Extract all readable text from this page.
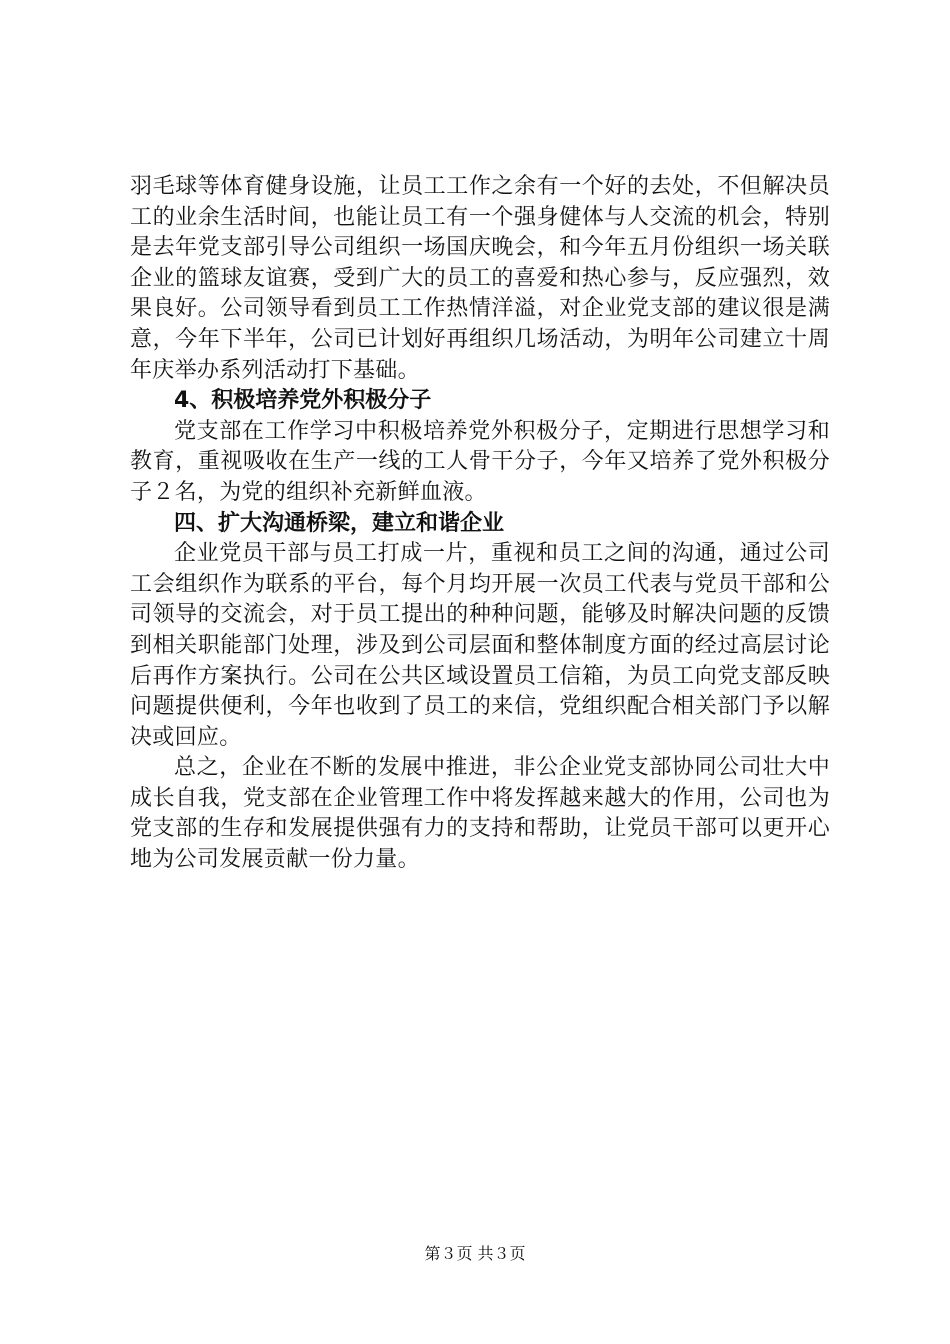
羽毛球等体育健身设施，让员工工作之余有一个好的去处，不但解决员工的业余生活时间，也能让员工有一个强身健体与人交流的机会，特别是去年党支部引导公司组织一场国庆晚会，和今年五月份组织一场关联企业的篮球友谊赛，受到广大的员工的喜爱和热心参与，反应强烈，效果良好。公司领导看到员工工作热情洋溢，对企业党支部的建议很是满意，今年下半年，公司已计划好再组织几场活动，为明年公司建立十周年庆举办系列活动打下基础。

4、积极培养党外积极分子

党支部在工作学习中积极培养党外积极分子，定期进行思想学习和教育，重视吸收在生产一线的工人骨干分子，今年又培养了党外积极分子２名，为党的组织补充新鲜血液。

四、扩大沟通桥梁，建立和谐企业

企业党员干部与员工打成一片，重视和员工之间的沟通，通过公司工会组织作为联系的平台，每个月均开展一次员工代表与党员干部和公司领导的交流会，对于员工提出的种种问题，能够及时解决问题的反馈到相关职能部门处理，涉及到公司层面和整体制度方面的经过高层讨论后再作方案执行。公司在公共区域设置员工信箱，为员工向党支部反映问题提供便利，今年也收到了员工的来信，党组织配合相关部门予以解决或回应。

总之，企业在不断的发展中推进，非公企业党支部协同公司壮大中成长自我，党支部在企业管理工作中将发挥越来越大的作用，公司也为党支部的生存和发展提供强有力的支持和帮助，让党员干部可以更开心地为公司发展贡献一份力量。

第３页 共３页
